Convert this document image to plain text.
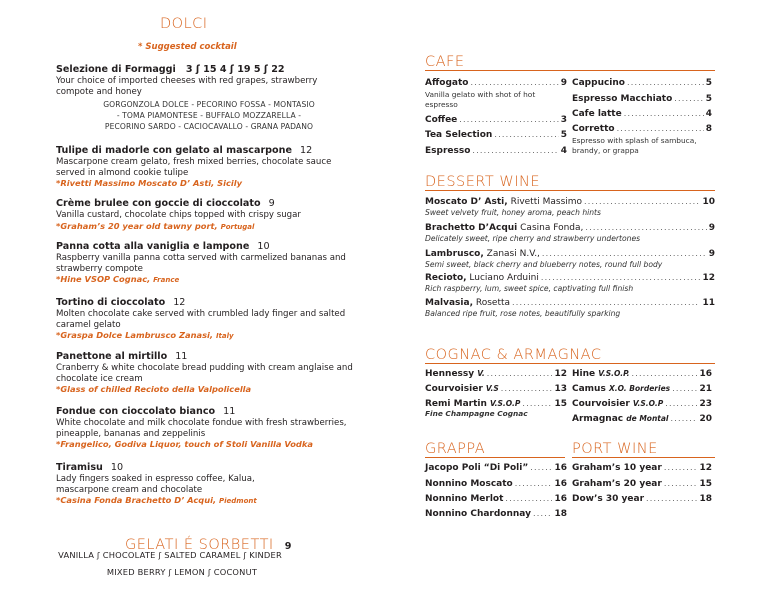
DOLCI
* Suggested cocktail
Selezione di Formaggi 3 ʃ 15 4 ʃ 19 5 ʃ 22
Your choice of imported cheeses with red grapes, strawberry compote and honey
GORGONZOLA DOLCE - PECORINO FOSSA - MONTASIO
- TOMA PIAMONTESE - BUFFALO MOZZARELLA -
PECORINO SARDO - CACIOCAVALLO - GRANA PADANO
Tulipe di madorle con gelato al mascarpone 12
Mascarpone cream gelato, fresh mixed berries, chocolate sauce served in almond cookie tulipe
*Rivetti Massimo Moscato D’ Asti, Sicily
Crème brulee con goccie di cioccolato 9
Vanilla custard, chocolate chips topped with crispy sugar
*Graham’s 20 year old tawny port, Portugal
Panna cotta alla vaniglia e lampone 10
Raspberry vanilla panna cotta served with carmelized bananas and strawberry compote
*Hine VSOP Cognac, France
Tortino di cioccolato 12
Molten chocolate cake served with crumbled lady finger and salted caramel gelato
*Graspa Dolce Lambrusco Zanasi, Italy
Panettone al mirtillo 11
Cranberry & white chocolate bread pudding with cream anglaise and chocolate ice cream
*Glass of chilled Recioto della Valpolicella
Fondue con cioccolato bianco 11
White chocolate and milk chocolate fondue with fresh strawberries, pineapple, bananas and zeppelinis
*Frangelico, Godiva Liquor, touch of Stoli Vanilla Vodka
Tiramisu 10
Lady fingers soaked in espresso coffee, Kalua, mascarpone cream and chocolate
*Casina Fonda Brachetto D’ Acqui, Piedmont
GELATI É SORBETTI 9
VANILLA ʃ CHOCOLATE ʃ SALTED CARAMEL ʃ KINDER
MIXED BERRY ʃ LEMON ʃ COCONUT
CAFE
Affogato .....	9
Vanilla gelato with shot of hot espresso
Coffee .....	3
Tea Selection .....	5
Espresso .....	4
Cappucino .....	5
Espresso Macchiato .....	5
Cafe latte .....	4
Corretto .....	8
Espresso with splash of sambuca, brandy, or grappa
DESSERT WINE
Moscato D’ Asti,
Rivetti Massimo .....	10
Sweet velvety fruit, honey aroma, peach hints
Brachetto D’Acqui
Casina Fonda, .....	9
Delicately sweet, ripe cherry and strawberry undertones
Lambrusco,
Zanasi N.V., .....	9
Semi sweet, black cherry and blueberry notes, round full body
Recioto,
Luciano Arduini .....	12
Rich raspberry, lum, sweet spice, captivating full finish
Malvasia,
Rosetta .....	11
Balanced ripe fruit, rose notes, beautifully sparking
COGNAC & ARMAGNAC
Hennessy V. .....	12
Courvoisier V.S .....	13
Remi Martin V.S.O.P .....	15
Fine Champagne Cognac
Hine V.S.O.P. .....	16
Camus X.O. Borderies .....	21
Courvoisier V.S.O.P .....	23
Armagnac de Montal .....	20
GRAPPA
Jacopo Poli “Di Poli” .....	16
Nonnino Moscato .....	16
Nonnino Merlot .....	16
Nonnino Chardonnay .....	18
PORT WINE
Graham’s 10 year .....	12
Graham’s 20 year .....	15
Dow’s 30 year .....	18
